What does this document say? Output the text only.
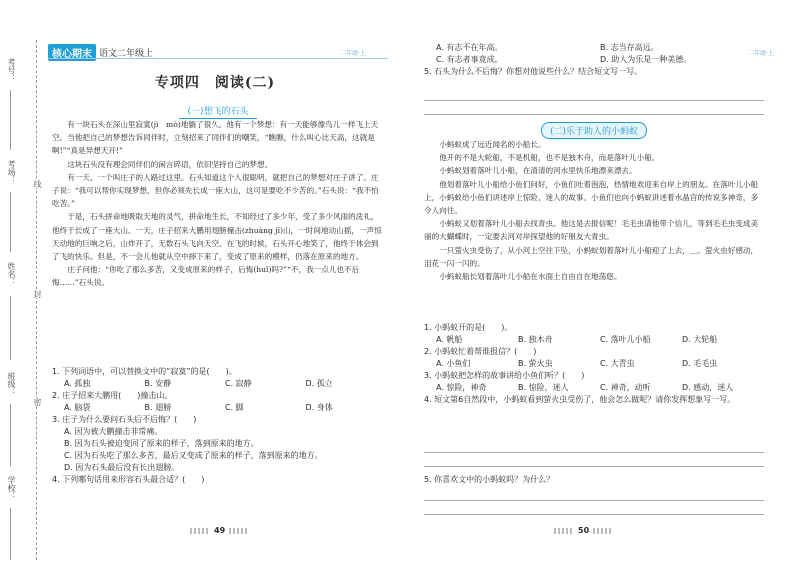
考号：
考场：
姓名：
班级：
学校：
线
封
密
核心期末 语文二年级上	二年级·上
专项四　阅读(二)
(一)想飞的石头

有一块石头在深山里寂寞(jì　mò)地躺了很久。他有一个梦想：有一天能够像鸟儿一样飞上天空。当他把自己的梦想告诉同伴时，立刻招来了同伴们的嘲笑，“瞧瞧，什么叫心比天高，这就是啊!”“真是异想天开!”

这块石头没有理会同伴们的闲言碎语，依旧坚持自己的梦想。

有一天，一个叫庄子的人路过这里。石头知道这个人很聪明，就把自己的梦想对庄子讲了。庄子说：“我可以帮你实现梦想，但你必须先长成一座大山，这可是要吃不少苦的。”石头说：“我不怕吃苦。”

于是，石头拼命地吸取天地的灵气，拼命地生长，不知经过了多少年，受了多少风雨的洗礼，他终于长成了一座大山。一天，庄子招来大鹏用翅膀撞击(zhuàng jī)山，一时间地动山摇，一声惊天动地的巨响之后，山炸开了，无数石头飞向天空。在飞的时候，石头开心地笑了，他终于体会到了飞的快乐。但是，不一会儿他就从空中摔下来了，变成了原来的模样，仍落在原来的地方。

庄子问他：“你吃了那么多苦，又变成原来的样子，后悔(huǐ)吗?”“不，我一点儿也不后悔……”石头说。

1. 下列词语中，可以替换文中的“寂寞”的是(　　)。

A. 孤独	B. 安静	C. 寂静	D. 孤立

2. 庄子招来大鹏用(　　)撞击山。

A. 脑袋	B. 翅膀	C. 脚	D. 身体

3. 庄子为什么要问石头后不后悔？(　　)

A. 因为被大鹏撞击非常痛。

B. 因为石头被迫变回了原来的样子，落到原来的地方。

C. 因为石头吃了那么多苦，最后又变成了原来的样子，落到原来的地方。

D. 因为石头最后没有长出翅膀。

4. 下列哪句话用来形容石头最合适？(　　)

49
二年级·上
A. 有志不在年高。	B. 志当存高远。
C. 有志者事竟成。	D. 助人为乐是一种美德。

5. 石头为什么不后悔？你想对他说些什么？结合短文写一写。

(二)乐于助人的小蚂蚁

小蚂蚁成了远近闻名的小船长。

他开的不是大轮船，不是机船，也不是独木舟，而是落叶儿小船。

小蚂蚁划着落叶儿小船，在清清的河水里快乐地漂来漂去。

他划着落叶儿小船给小鱼们问好，小鱼们吐着泡泡，热情地欢迎来自岸上的朋友。在落叶儿小船上，小蚂蚁给小鱼们讲述岸上惊险、迷人的故事。小鱼们也向小蚂蚁讲述着水晶宫的传说多神奇，多令人向往。

小蚂蚁又划着落叶儿小船去找青虫。他这是去报信呢！毛毛虫请他带个信儿，等到毛毛虫变成美丽的大蝴蝶时，一定要去河对岸探望他的好朋友大青虫。

一只萤火虫受伤了，从小河上空往下坠，小蚂蚁划着落叶儿小船迎了上去，＿。萤火虫好感动，泪花一闪一闪的。

小蚂蚁船长划着落叶儿小船在水面上自由自在地荡悠。

1. 小蚂蚁开的是(　　)。

A. 帆船	B. 独木舟	C. 落叶儿小船	D. 大轮船

2. 小蚂蚁忙着帮谁报信？(　　)

A. 小鱼们	B. 萤火虫	C. 大青虫	D. 毛毛虫

3. 小蚂蚁把怎样的故事讲给小鱼们听？(　　)

A. 惊险，神奇	B. 惊险，迷人	C. 神奇，动听	D. 感动，迷人

4. 短文第6自然段中，小蚂蚁看到萤火虫受伤了，他会怎么做呢？请你发挥想象写一写。

5. 你喜欢文中的小蚂蚁吗？为什么？

50
